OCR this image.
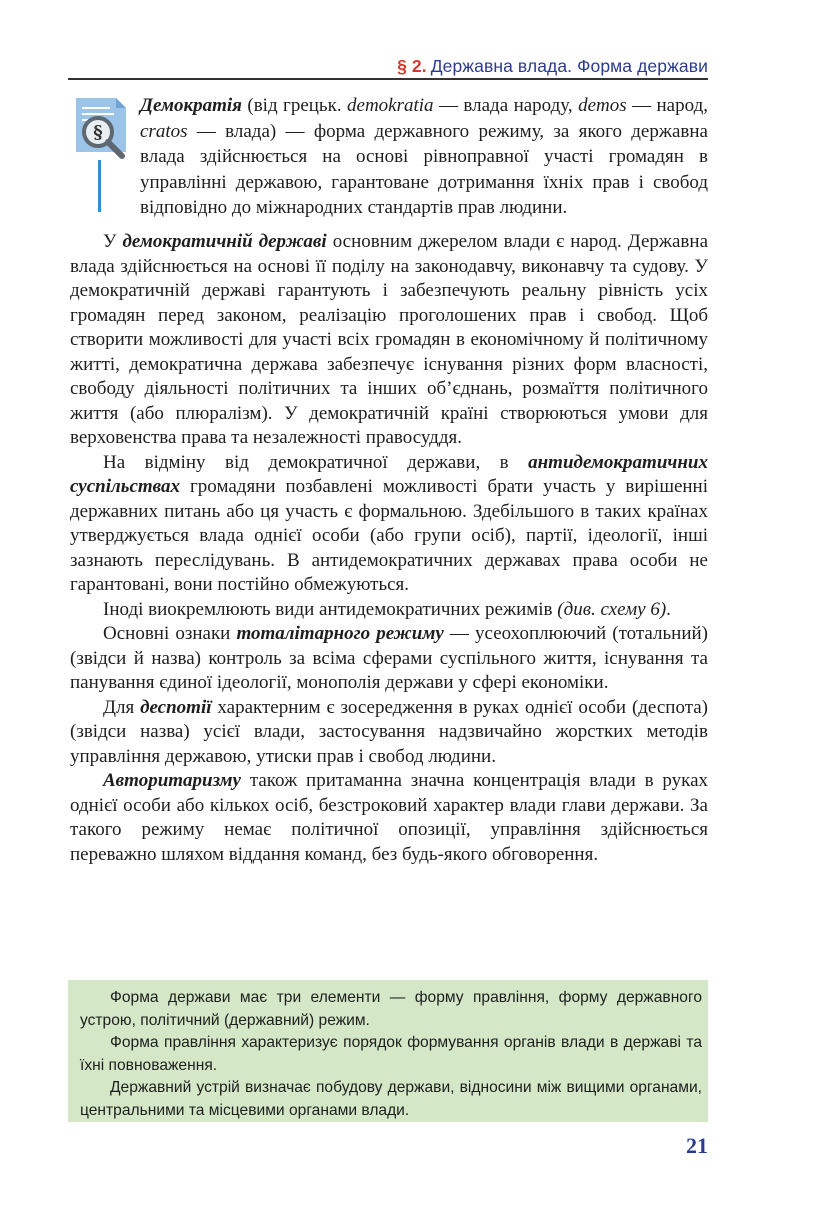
§ 2. Державна влада. Форма держави
§
Демократія (від грецьк. demokratia — влада народу, demos — народ, cratos — влада) — форма державного режиму, за якого державна влада здійснюється на основі рівноправної участі громадян в управлінні державою, гарантоване дотримання їхніх прав і свобод відповідно до міжнародних стандартів прав людини.

У демократичній державі основним джерелом влади є народ. Державна влада здійснюється на основі її поділу на законодавчу, виконавчу та судову. У демократичній державі гарантують і забезпечують реальну рівність усіх громадян перед законом, реалізацію проголошених прав і свобод. Щоб створити можливості для участі всіх громадян в економічному й політичному житті, демократична держава забезпечує існування різних форм власності, свободу діяльності політичних та інших об’єднань, розмаїття політичного життя (або плюралізм). У демократичній країні створюються умови для верховенства права та незалежності правосуддя.

На відміну від демократичної держави, в антидемократичних суспільствах громадяни позбавлені можливості брати участь у вирішенні державних питань або ця участь є формальною. Здебільшого в таких країнах утверджується влада однієї особи (або групи осіб), партії, ідеології, інші зазнають переслідувань. В антидемократичних державах права особи не гарантовані, вони постійно обмежуються.

Іноді виокремлюють види антидемократичних режимів (див. схему 6).

Основні ознаки тоталітарного режиму — усеохоплюючий (тотальний) (звідси й назва) контроль за всіма сферами суспільного життя, існування та панування єдиної ідеології, монополія держави у сфері економіки.

Для деспотії характерним є зосередження в руках однієї особи (деспота) (звідси назва) усієї влади, застосування надзвичайно жорстких методів управління державою, утиски прав і свобод людини.

Авторитаризму також притаманна значна концентрація влади в руках однієї особи або кількох осіб, безстроковий характер влади глави держави. За такого режиму немає політичної опозиції, управління здійснюється переважно шляхом віддання команд, без будь-якого обговорення.

Форма держави має три елементи — форму правління, форму державного устрою, політичний (державний) режим.

Форма правління характеризує порядок формування органів влади в державі та їхні повноваження.

Державний устрій визначає побудову держави, відносини між вищими органами, центральними та місцевими органами влади.

21
